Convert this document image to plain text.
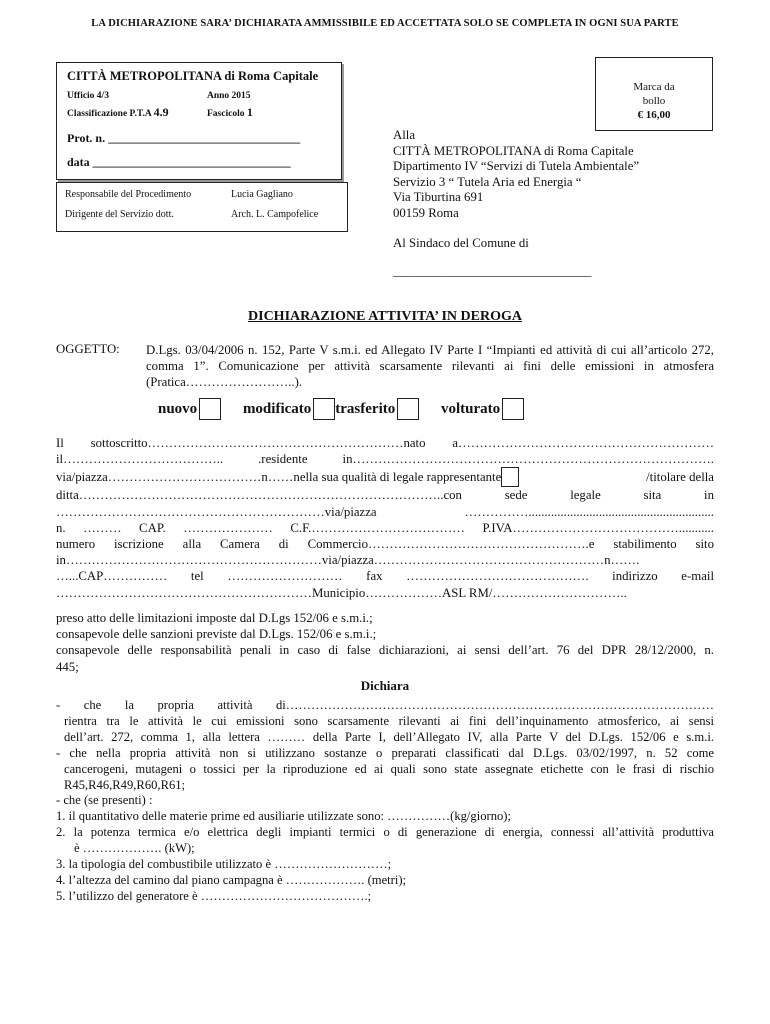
LA DICHIARAZIONE SARA’ DICHIARATA AMMISSIBILE ED ACCETTATA SOLO SE COMPLETA IN OGNI SUA PARTE
CITTÀ METROPOLITANA di Roma Capitale
Ufficio 4/3	Anno 2015
Classificazione P.T.A 4.9	Fascicolo 1
Prot. n. ________________________________
data _________________________________
Responsabile del Procedimento	Lucia Gagliano
Dirigente del Servizio dott.	Arch. L. Campofelice
Marca da
bollo
€ 16,00
Alla
CITTÀ METROPOLITANA di Roma Capitale
Dipartimento IV “Servizi di Tutela Ambientale”
Servizio 3 “ Tutela Aria ed Energia “
Via Tiburtina 691
00159 Roma
Al Sindaco del Comune di
_______________________________
DICHIARAZIONE ATTIVITA’ IN DEROGA
OGGETTO: D.Lgs. 03/04/2006 n. 152, Parte V s.m.i. ed Allegato IV Parte I “Impianti ed attività di cui all’articolo 272, comma 1”. Comunicazione per attività scarsamente rilevanti ai fini delle emissioni in atmosfera (Pratica……………………..).
nuovo	modificato trasferito	volturato
Il sottoscritto……………………………………………………nato a……………………………………………………
il……………………………….. .residente in………………………………………………………………………….
via/piazza………………………………n……nella sua qualità di legale rappresentante	/titolare della
ditta…………………………………………………………………………..con sede legale sita in
………………………………………………………via/piazza ……………..........................................................
n. ……… CAP. ………………… C.F.……………………………… P.IVA…………………………………...........
numero iscrizione alla Camera di Commercio…………………………………………….e stabilimento sito
in……………………………………………………via/piazza………………………………………………n…….
…...CAP…………… tel ……………………… fax ……………………………………. indirizzo e-mail
……………………………………………………Municipio………………ASL RM/…………………………..
preso atto delle limitazioni imposte dal D.Lgs 152/06 e s.m.i.;
consapevole delle sanzioni previste dal D.Lgs. 152/06 e s.m.i.;
consapevole delle responsabilità penali in caso di false dichiarazioni, ai sensi dell’art. 76 del DPR 28/12/2000, n.
445;
Dichiara
- che la propria attività di…………………………………………………………………………………………
rientra tra le attività le cui emissioni sono scarsamente rilevanti ai fini dell’inquinamento atmosferico, ai sensi
dell’art. 272, comma 1, alla lettera ……… della Parte I, dell’Allegato IV, alla Parte V del D.Lgs. 152/06 e s.m.i.
- che nella propria attività non si utilizzano sostanze o preparati classificati dal D.Lgs. 03/02/1997, n. 52 come
cancerogeni, mutageni o tossici per la riproduzione ed ai quali sono state assegnate etichette con le frasi di rischio
R45,R46,R49,R60,R61;
- che (se presenti) :
1. il quantitativo delle materie prime ed ausiliarie utilizzate sono: ……………(kg/giorno);
2. la potenza termica e/o elettrica degli impianti termici o di generazione di energia, connessi all’attività produttiva
è ………………. (kW);
3. la tipologia del combustibile utilizzato è ………………………;
4. l’altezza del camino dal piano campagna è ………………. (metri);
5. l’utilizzo del generatore è ………………………………….;
